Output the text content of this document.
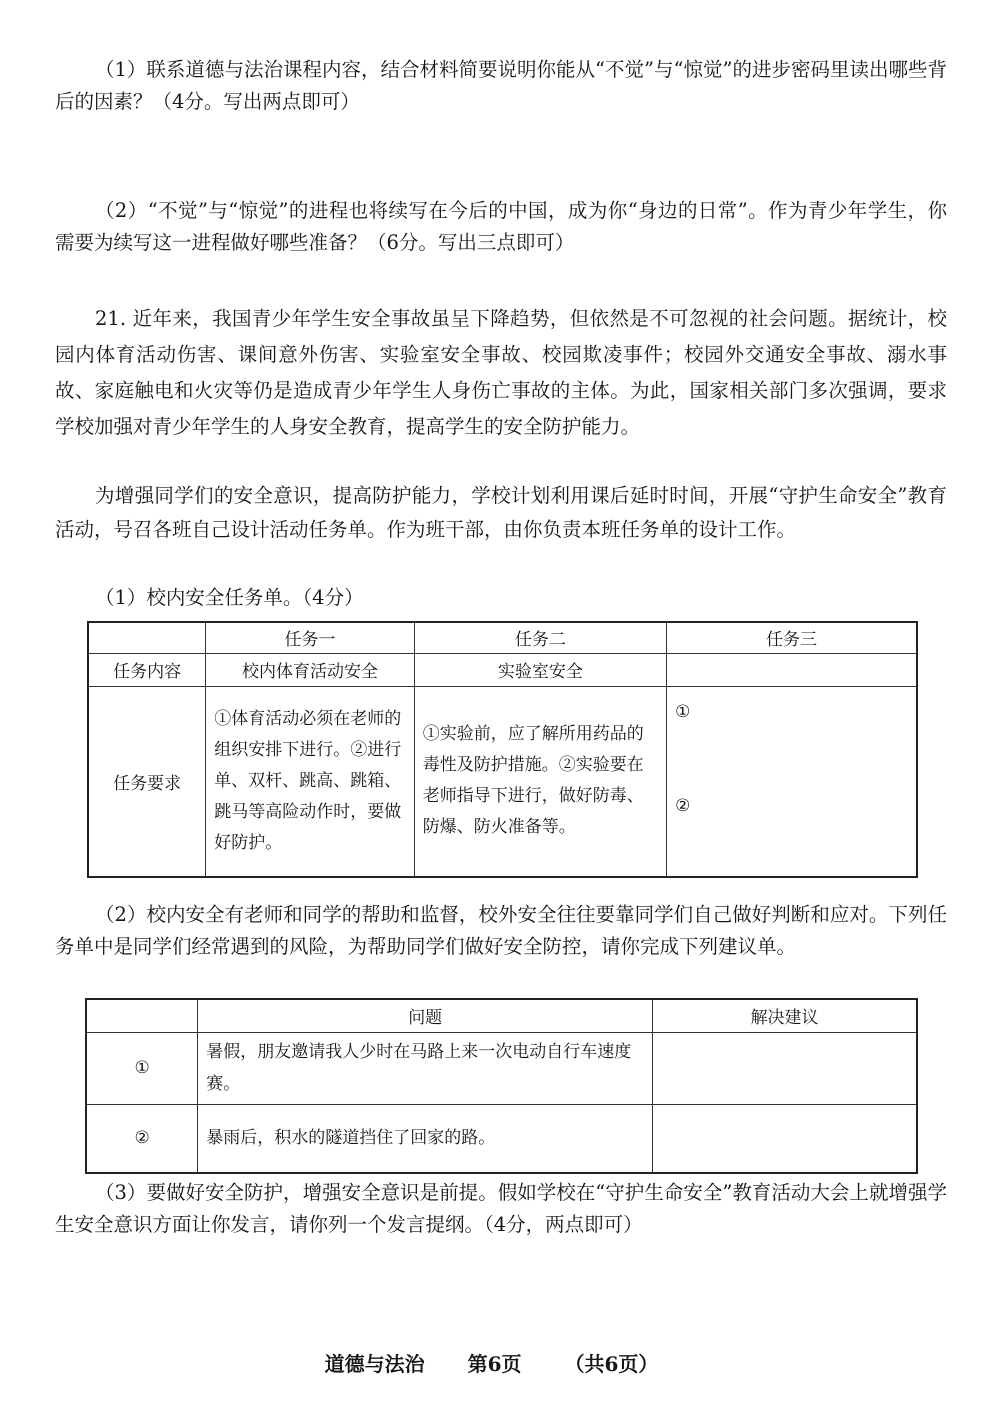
（1）联系道德与法治课程内容，结合材料简要说明你能从“不觉”与“惊觉”的进步密码里读出哪些背后的因素？（4分。写出两点即可）

（2）“不觉”与“惊觉”的进程也将续写在今后的中国，成为你“身边的日常”。作为青少年学生，你需要为续写这一进程做好哪些准备？（6分。写出三点即可）

21. 近年来，我国青少年学生安全事故虽呈下降趋势，但依然是不可忽视的社会问题。据统计，校园内体育活动伤害、课间意外伤害、实验室安全事故、校园欺凌事件；校园外交通安全事故、溺水事故、家庭触电和火灾等仍是造成青少年学生人身伤亡事故的主体。为此，国家相关部门多次强调，要求学校加强对青少年学生的人身安全教育，提高学生的安全防护能力。

为增强同学们的安全意识，提高防护能力，学校计划利用课后延时时间，开展“守护生命安全”教育活动，号召各班自己设计活动任务单。作为班干部，由你负责本班任务单的设计工作。

（1）校内安全任务单。（4分）

	任务一	任务二	任务三
任务内容	校内体育活动安全	实验室安全	
任务要求	①体育活动必须在老师的组织安排下进行。②进行单、双杆、跳高、跳箱、跳马等高险动作时，要做好防护。	①实验前，应了解所用药品的毒性及防护措施。②实验要在老师指导下进行，做好防毒、防爆、防火准备等。	①
②

（2）校内安全有老师和同学的帮助和监督，校外安全往往要靠同学们自己做好判断和应对。下列任务单中是同学们经常遇到的风险，为帮助同学们做好安全防控，请你完成下列建议单。

	问题	解决建议
①	暑假，朋友邀请我人少时在马路上来一次电动自行车速度赛。	
②	暴雨后，积水的隧道挡住了回家的路。	

（3）要做好安全防护，增强安全意识是前提。假如学校在“守护生命安全”教育活动大会上就增强学生安全意识方面让你发言，请你列一个发言提纲。（4分，两点即可）

道德与法治 第6页 （共6页）
